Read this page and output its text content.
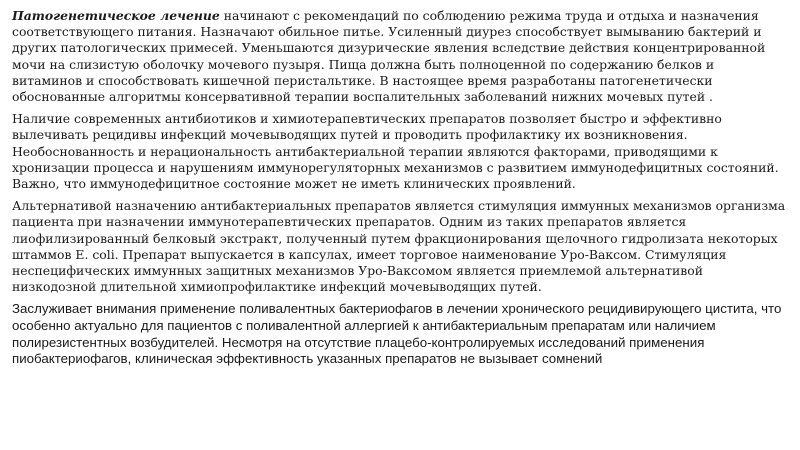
Патогенетическое лечение начинают с рекомендаций по соблюдению режима труда и отдыха и назначения соответствующего питания. Назначают обильное питье. Усиленный диурез способствует вымыванию бактерий и других патологических примесей. Уменьшаются дизурические явления вследствие действия концентрированной мочи на слизистую оболочку мочевого пузыря. Пища должна быть полноценной по содержанию белков и витаминов и способствовать кишечной перистальтике. В настоящее время разработаны патогенетически обоснованные алгоритмы консервативной терапии воспалительных заболеваний нижних мочевых путей .

Наличие современных антибиотиков и химиотерапевтических препаратов позволяет быстро и эффективно вылечивать рецидивы инфекций мочевыводящих путей и проводить профилактику их возникновения. Необоснованность и нерациональность антибактериальной терапии являются факторами, приводящими к хронизации процесса и нарушениям иммунорегуляторных механизмов с развитием иммунодефицитных состояний. Важно, что иммунодефицитное состояние может не иметь клинических проявлений.

Альтернативой назначению антибактериальных препаратов является стимуляция иммунных механизмов организма пациента при назначении иммунотерапевтических препаратов. Одним из таких препаратов является лиофилизированный белковый экстракт, полученный путем фракционирования щелочного гидролизата некоторых штаммов E. coli. Препарат выпускается в капсулах, имеет торговое наименование Уро-Ваксом. Стимуляция неспецифических иммунных защитных механизмов Уро-Ваксомом является приемлемой альтернативой низкодозной длительной химиопрофилактике инфекций мочевыводящих путей.

Заслуживает внимания применение поливалентных бактериофагов в лечении хронического рецидивирующего цистита, что особенно актуально для пациентов с поливалентной аллергией к антибактериальным препаратам или наличием полирезистентных возбудителей. Несмотря на отсутствие плацебо-контролируемых исследований применения пиобактериофагов, клиническая эффективность указанных препаратов не вызывает сомнений
